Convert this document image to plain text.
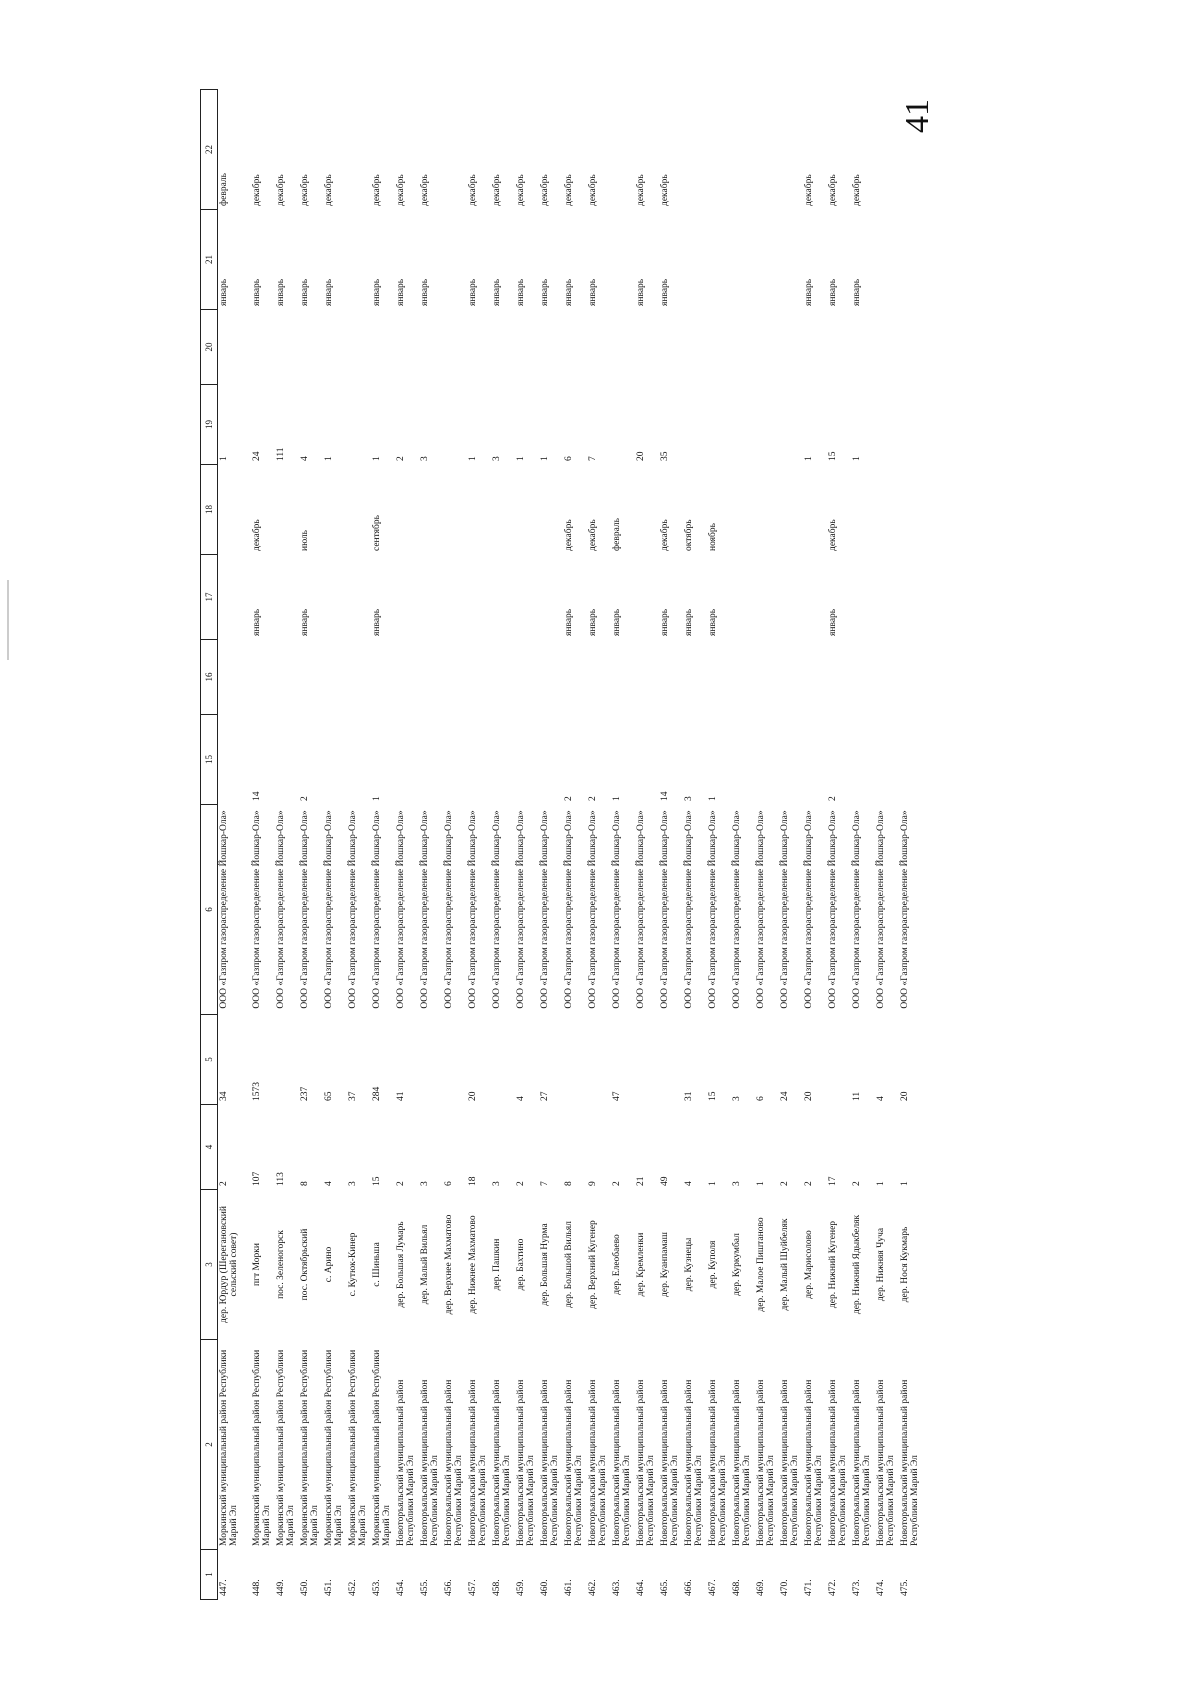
41
1	2	3	4	5	6	15	16	17	18	19	20	21	22
447.	Моркинский муниципальный район Республики Марий Эл	дер. Юрдур (Шерегановский сельский совет)	2	34	ООО «Газпром газораспределение Йошкар-Ола»					1		январь	февраль
448.	Моркинский муниципальный район Республики Марий Эл	пгт Морки	107	1573	ООО «Газпром газораспределение Йошкар-Ола»	14		январь	декабрь	24		январь	декабрь
449.	Моркинский муниципальный район Республики Марий Эл	пос. Зеленогорск	113		ООО «Газпром газораспределение Йошкар-Ола»					111		январь	декабрь
450.	Моркинский муниципальный район Республики Марий Эл	пос. Октябрьский	8	237	ООО «Газпром газораспределение Йошкар-Ола»	2		январь	июль	4		январь	декабрь
451.	Моркинский муниципальный район Республики Марий Эл	с. Арино	4	65	ООО «Газпром газораспределение Йошкар-Ола»					1		январь	декабрь
452.	Моркинский муниципальный район Республики Марий Эл	с. Кутюк-Кинер	3	37	ООО «Газпром газораспределение Йошкар-Ола»								
453.	Моркинский муниципальный район Республики Марий Эл	с. Шиньша	15	284	ООО «Газпром газораспределение Йошкар-Ола»	1		январь	сентябрь	1		январь	декабрь
454.	Новоторъяльский муниципальный район Республики Марий Эл	дер. Большая Лумарь	2	41	ООО «Газпром газораспределение Йошкар-Ола»					2		январь	декабрь
455.	Новоторъяльский муниципальный район Республики Марий Эл	дер. Малый Вильял	3		ООО «Газпром газораспределение Йошкар-Ола»					3		январь	декабрь
456.	Новоторъяльский муниципальный район Республики Марий Эл	дер. Верхнее Махматово	6		ООО «Газпром газораспределение Йошкар-Ола»								
457.	Новоторъяльский муниципальный район Республики Марий Эл	дер. Нижнее Махматово	18	20	ООО «Газпром газораспределение Йошкар-Ола»					1		январь	декабрь
458.	Новоторъяльский муниципальный район Республики Марий Эл	дер. Пашкин	3		ООО «Газпром газораспределение Йошкар-Ола»					3		январь	декабрь
459.	Новоторъяльский муниципальный район Республики Марий Эл	дер. Бахтино	2	4	ООО «Газпром газораспределение Йошкар-Ола»					1		январь	декабрь
460.	Новоторъяльский муниципальный район Республики Марий Эл	дер. Большая Нурма	7	27	ООО «Газпром газораспределение Йошкар-Ола»					1		январь	декабрь
461.	Новоторъяльский муниципальный район Республики Марий Эл	дер. Большой Вильял	8		ООО «Газпром газораспределение Йошкар-Ола»	2		январь	декабрь	6		январь	декабрь
462.	Новоторъяльский муниципальный район Республики Марий Эл	дер. Верхний Кугенер	9		ООО «Газпром газораспределение Йошкар-Ола»	2		январь	декабрь	7		январь	декабрь
463.	Новоторъяльский муниципальный район Республики Марий Эл	дер. Елеобаево	2	47	ООО «Газпром газораспределение Йошкар-Ола»	1		январь	февраль				
464.	Новоторъяльский муниципальный район Республики Марий Эл	дер. Кремленки	21		ООО «Газпром газораспределение Йошкар-Ола»					20		январь	декабрь
465.	Новоторъяльский муниципальный район Республики Марий Эл	дер. Куанпамаш	49		ООО «Газпром газораспределение Йошкар-Ола»	14		январь	декабрь	35		январь	декабрь
466.	Новоторъяльский муниципальный район Республики Марий Эл	дер. Кузнецы	4	31	ООО «Газпром газораспределение Йошкар-Ола»	3		январь	октябрь				
467.	Новоторъяльский муниципальный район Республики Марий Эл	дер. Куполя	1	15	ООО «Газпром газораспределение Йошкар-Ола»	1		январь	ноябрь				
468.	Новоторъяльский муниципальный район Республики Марий Эл	дер. Куркумбал	3	3	ООО «Газпром газораспределение Йошкар-Ола»								
469.	Новоторъяльский муниципальный район Республики Марий Эл	дер. Малое Пиштаново	1	6	ООО «Газпром газораспределение Йошкар-Ола»								
470.	Новоторъяльский муниципальный район Республики Марий Эл	дер. Малый Шуйбеляк	2	24	ООО «Газпром газораспределение Йошкар-Ола»								
471.	Новоторъяльский муниципальный район Республики Марий Эл	дер. Марисолово	2	20	ООО «Газпром газораспределение Йошкар-Ола»					1		январь	декабрь
472.	Новоторъяльский муниципальный район Республики Марий Эл	дер. Нижний Кугенер	17		ООО «Газпром газораспределение Йошкар-Ола»	2		январь	декабрь	15		январь	декабрь
473.	Новоторъяльский муниципальный район Республики Марий Эл	дер. Нижний Ядыкбеляк	2	11	ООО «Газпром газораспределение Йошкар-Ола»					1		январь	декабрь
474.	Новоторъяльский муниципальный район Республики Марий Эл	дер. Нижняя Чуча	1	4	ООО «Газпром газораспределение Йошкар-Ола»								
475.	Новоторъяльский муниципальный район Республики Марий Эл	дер. Нося Кукмарь	1	20	ООО «Газпром газораспределение Йошкар-Ола»								
